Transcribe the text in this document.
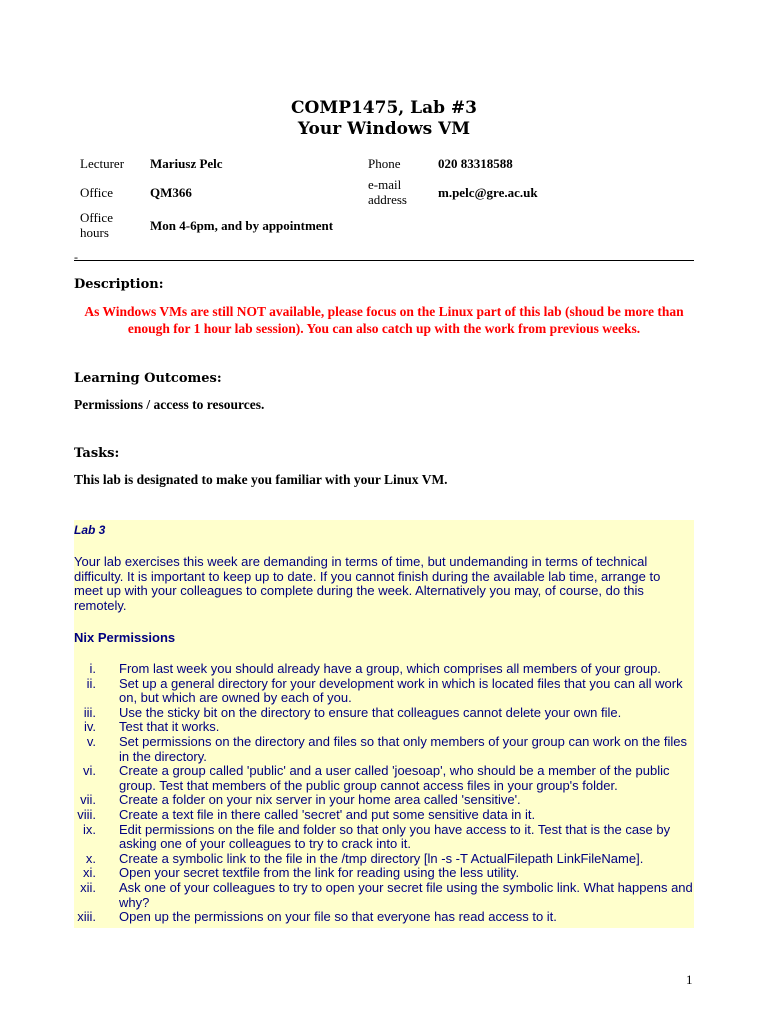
COMP1475, Lab #3
Your Windows VM
Lecturer	Mariusz Pelc	Phone	020 83318588
Office	QM366	e-mail address	m.pelc@gre.ac.uk
Office hours	Mon 4-6pm, and by appointment		
-
Description:
As Windows VMs are still NOT available, please focus on the Linux part of this lab (shoud be more than enough for 1 hour lab session). You can also catch up with the work from previous weeks.
Learning Outcomes:
Permissions / access to resources.
Tasks:
This lab is designated to make you familiar with your Linux VM.
Lab 3
Your lab exercises this week are demanding in terms of time, but undemanding in terms of technical difficulty. It is important to keep up to date. If you cannot finish during the available lab time, arrange to meet up with your colleagues to complete during the week. Alternatively you may, of course, do this remotely.
Nix Permissions
i. From last week you should already have a group, which comprises all members of your group.
ii. Set up a general directory for your development work in which is located files that you can all work on, but which are owned by each of you.
iii. Use the sticky bit on the directory to ensure that colleagues cannot delete your own file.
iv. Test that it works.
v. Set permissions on the directory and files so that only members of your group can work on the files in the directory.
vi. Create a group called 'public' and a user called 'joesoap', who should be a member of the public group. Test that members of the public group cannot access files in your group's folder.
vii. Create a folder on your nix server in your home area called 'sensitive'.
viii. Create a text file in there called 'secret' and put some sensitive data in it.
ix. Edit permissions on the file and folder so that only you have access to it. Test that is the case by asking one of your colleagues to try to crack into it.
x. Create a symbolic link to the file in the /tmp directory [ln -s -T ActualFilepath LinkFileName].
xi. Open your secret textfile from the link for reading using the less utility.
xii. Ask one of your colleagues to try to open your secret file using the symbolic link. What happens and why?
xiii. Open up the permissions on your file so that everyone has read access to it.
1
